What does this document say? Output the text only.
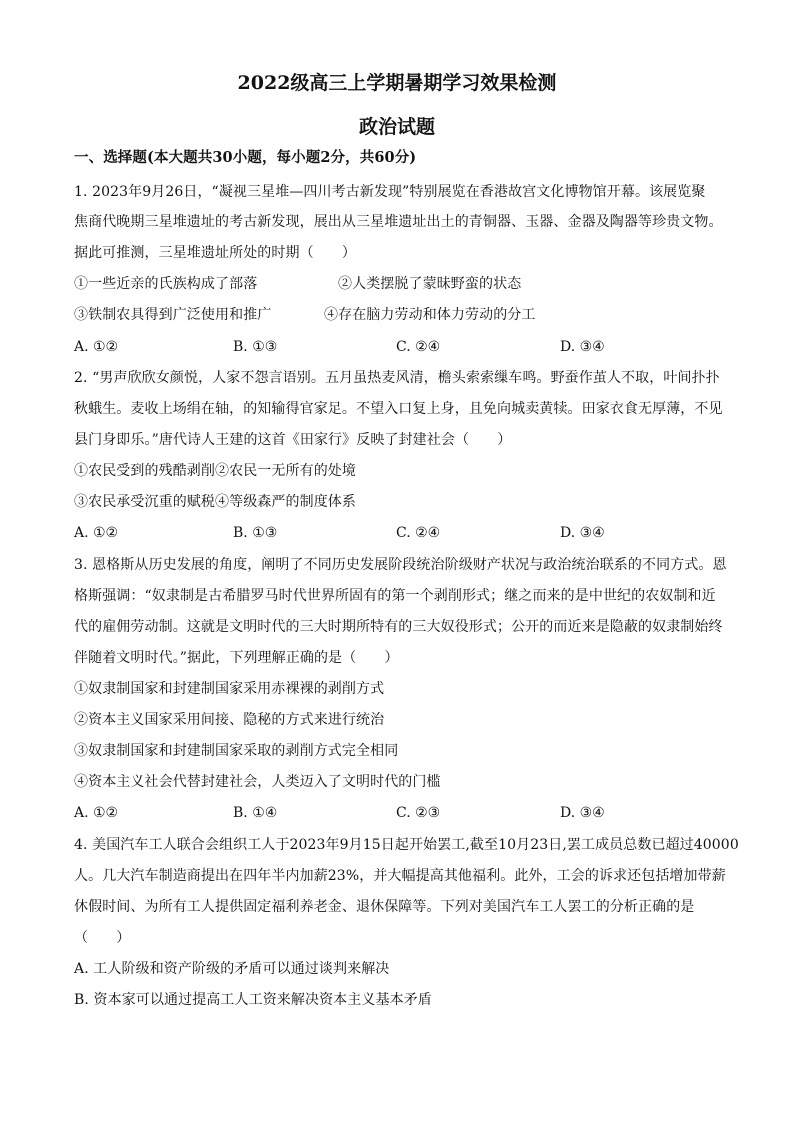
2022级高三上学期暑期学习效果检测
政治试题
一、选择题(本大题共30小题，每小题2分，共60分)
1. 2023年9月26日，“凝视三星堆—四川考古新发现”特别展览在香港故宫文化博物馆开幕。该展览聚
焦商代晚期三星堆遗址的考古新发现，展出从三星堆遗址出土的青铜器、玉器、金器及陶器等珍贵文物。
据此可推测，三星堆遗址所处的时期（　　）
①一些近亲的氏族构成了部落	②人类摆脱了蒙昧野蛮的状态
③铁制农具得到广泛使用和推广	④存在脑力劳动和体力劳动的分工
A. ①②	B. ①③	C. ②④	D. ③④
2. “男声欣欣女颜悦，人家不怨言语别。五月虽热麦风清，檐头索索缫车鸣。野蚕作茧人不取，叶间扑扑
秋蛾生。麦收上场绢在轴，的知输得官家足。不望入口复上身，且免向城卖黄犊。田家衣食无厚薄，不见
县门身即乐。”唐代诗人王建的这首《田家行》反映了封建社会（　　）
①农民受到的残酷剥削②农民一无所有的处境
③农民承受沉重的赋税④等级森严的制度体系
A. ①②	B. ①③	C. ②④	D. ③④
3. 恩格斯从历史发展的角度，阐明了不同历史发展阶段统治阶级财产状况与政治统治联系的不同方式。恩
格斯强调：“奴隶制是古希腊罗马时代世界所固有的第一个剥削形式；继之而来的是中世纪的农奴制和近
代的雇佣劳动制。这就是文明时代的三大时期所特有的三大奴役形式；公开的而近来是隐蔽的奴隶制始终
伴随着文明时代。”据此，下列理解正确的是（　　）
①奴隶制国家和封建制国家采用赤裸裸的剥削方式
②资本主义国家采用间接、隐秘的方式来进行统治
③奴隶制国家和封建制国家采取的剥削方式完全相同
④资本主义社会代替封建社会，人类迈入了文明时代的门槛
A. ①②	B. ①④	C. ②③	D. ③④
4. 美国汽车工人联合会组织工人于2023年9月15日起开始罢工,截至10月23日,罢工成员总数已超过40000
人。几大汽车制造商提出在四年半内加薪23%，并大幅提高其他福利。此外，工会的诉求还包括增加带薪
休假时间、为所有工人提供固定福利养老金、退休保障等。下列对美国汽车工人罢工的分析正确的是
（　　）
A. 工人阶级和资产阶级的矛盾可以通过谈判来解决
B. 资本家可以通过提高工人工资来解决资本主义基本矛盾
